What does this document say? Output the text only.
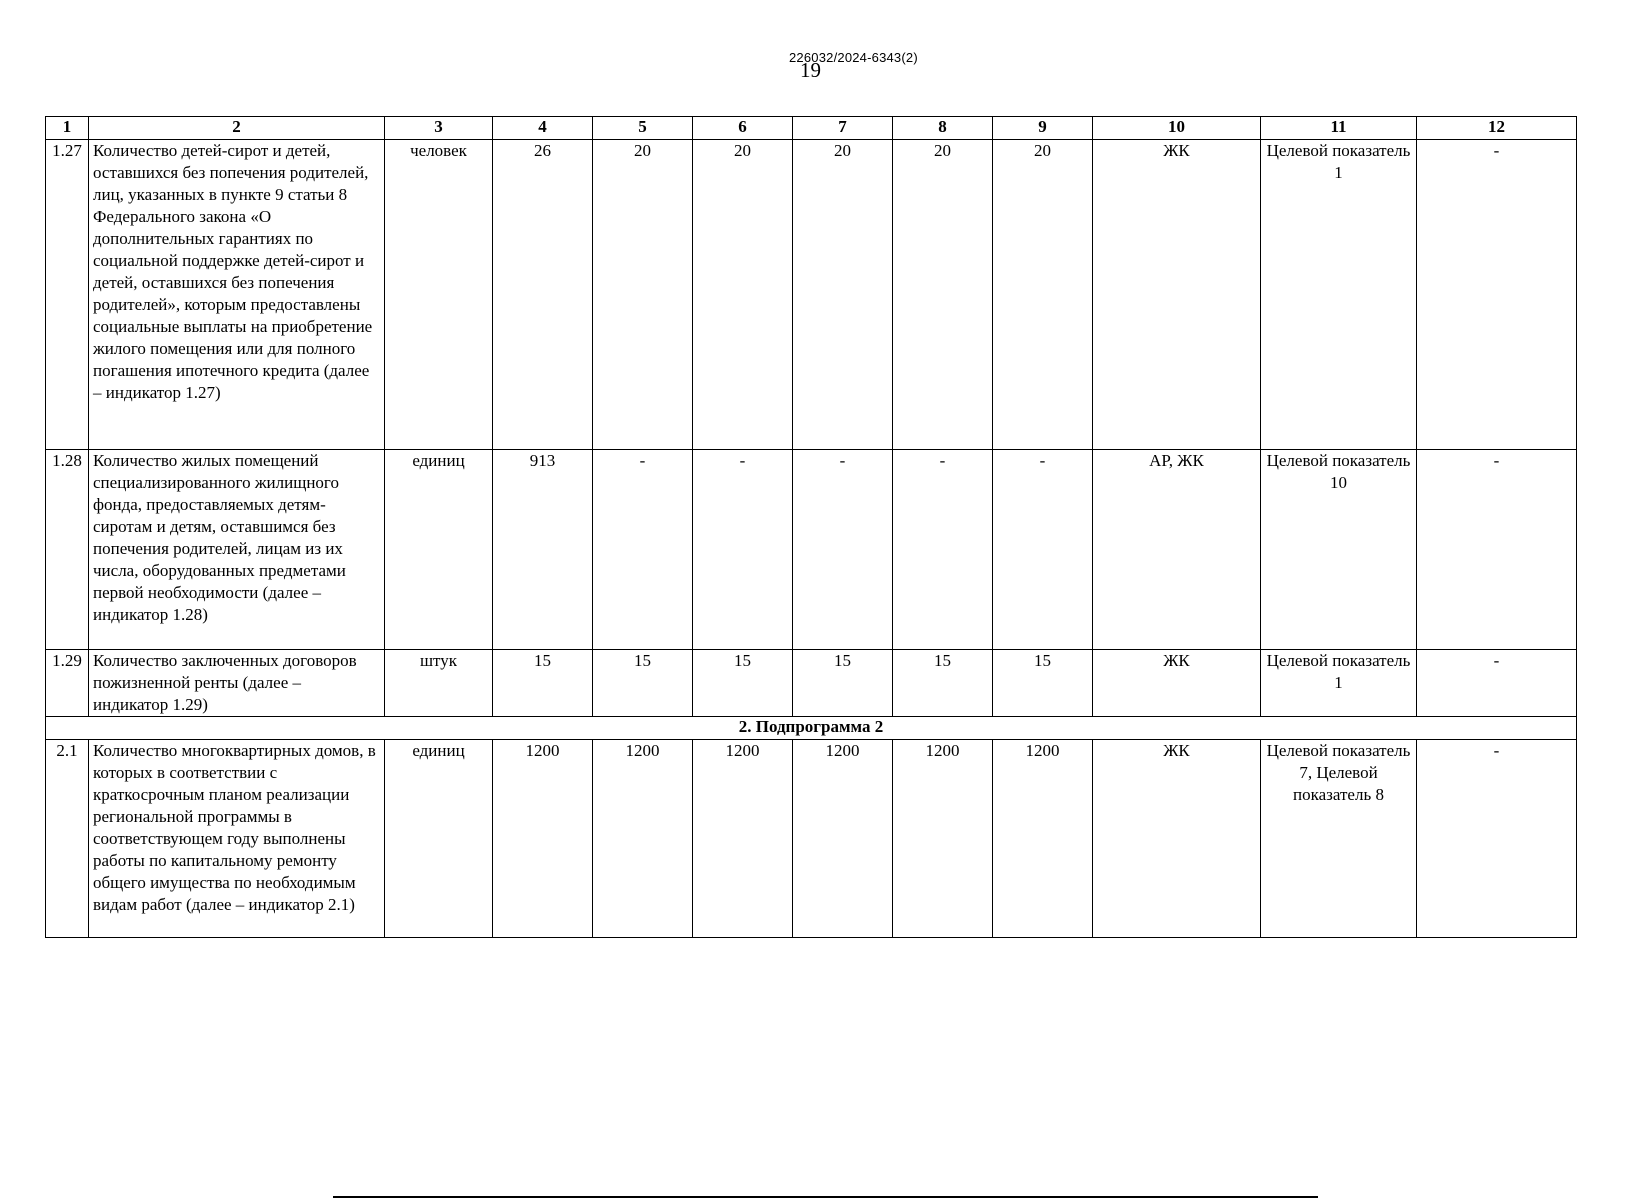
226032/2024-6343(2)
19
1	2	3	4	5	6	7	8	9	10	11	12
1.27	Количество детей-сирот и детей, оставшихся без попечения родителей, лиц, указанных в пункте 9 статьи 8 Федерального закона «О дополнительных гарантиях по социальной поддержке детей-сирот и детей, оставшихся без попечения родителей», которым предоставлены социальные выплаты на приобретение жилого помещения или для полного погашения ипотечного кредита (далее – индикатор 1.27)	человек	26	20	20	20	20	20	ЖК	Целевой показатель 1	-
1.28	Количество жилых помещений специализированного жилищного фонда, предоставляемых детям-сиротам и детям, оставшимся без попечения родителей, лицам из их числа, оборудованных предметами первой необходимости (далее – индикатор 1.28)	единиц	913	-	-	-	-	-	АР, ЖК	Целевой показатель 10	-
1.29	Количество заключенных договоров пожизненной ренты (далее – индикатор 1.29)	штук	15	15	15	15	15	15	ЖК	Целевой показатель 1	-
2. Подпрограмма 2											
2.1	Количество многоквартирных домов, в которых в соответствии с краткосрочным планом реализации региональной программы в соответствующем году выполнены работы по капитальному ремонту общего имущества по необходимым видам работ (далее – индикатор 2.1)	единиц	1200	1200	1200	1200	1200	1200	ЖК	Целевой показатель 7, Целевой показатель 8	-
